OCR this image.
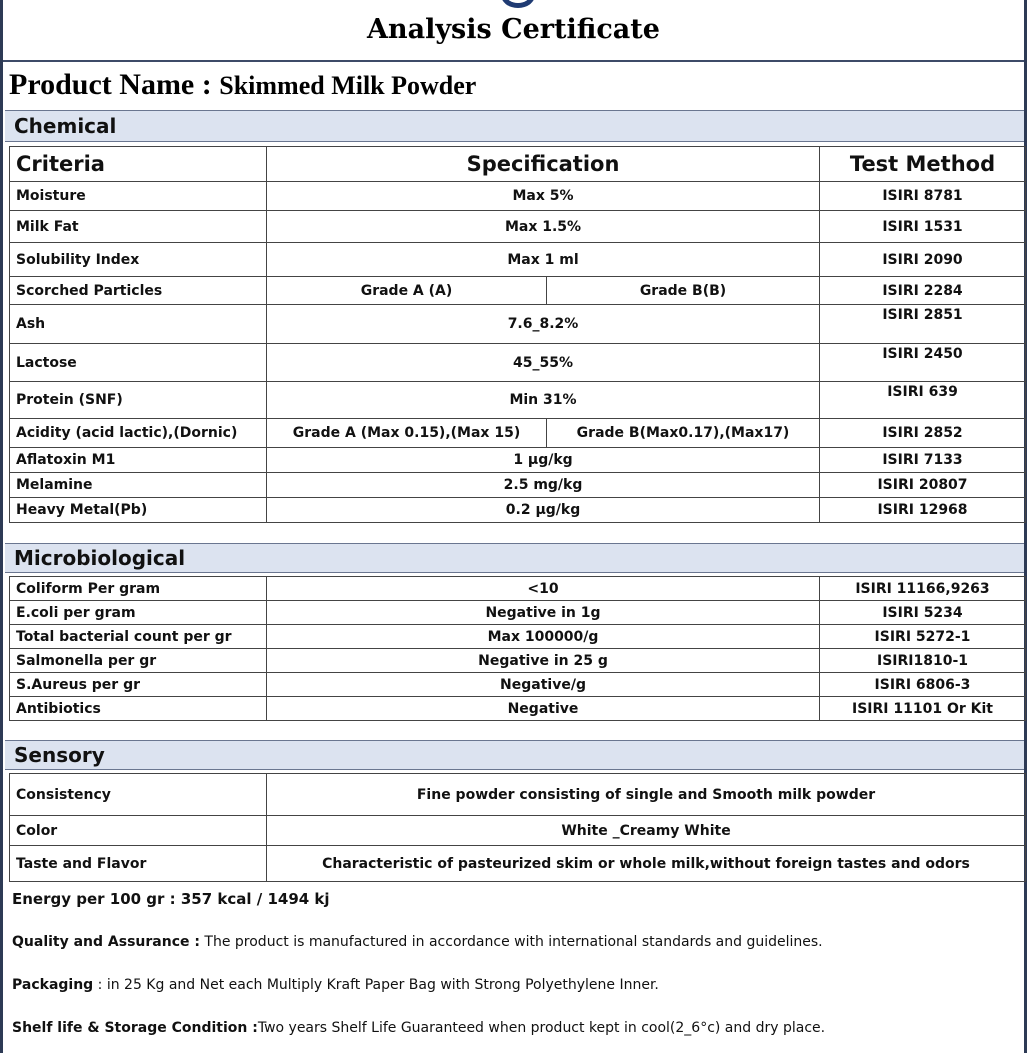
Analysis Certificate
Product Name : Skimmed Milk Powder
Chemical
Criteria	Specification		Test Method
Moisture	Max 5%		ISIRI 8781
Milk Fat	Max 1.5%		ISIRI 1531
Solubility Index	Max 1 ml		ISIRI 2090
Scorched Particles	Grade A (A)	Grade B(B)	ISIRI 2284
Ash	7.6_8.2%		ISIRI 2851
Lactose	45_55%		ISIRI 2450
Protein (SNF)	Min 31%		ISIRI 639
Acidity (acid lactic),(Dornic)	Grade A (Max 0.15),(Max 15)	Grade B(Max0.17),(Max17)	ISIRI 2852
Aflatoxin M1	1 µg/kg		ISIRI 7133
Melamine	2.5 mg/kg		ISIRI 20807
Heavy Metal(Pb)	0.2 µg/kg		ISIRI 12968
Microbiological
Coliform Per gram	<10	ISIRI 11166,9263
E.coli per gram	Negative in 1g	ISIRI 5234
Total bacterial count per gr	Max 100000/g	ISIRI 5272-1
Salmonella per gr	Negative in 25 g	ISIRI1810-1
S.Aureus per gr	Negative/g	ISIRI 6806-3
Antibiotics	Negative	ISIRI 11101 Or Kit
Sensory
Consistency	Fine powder consisting of single and Smooth milk powder
Color	White _Creamy White
Taste and Flavor	Characteristic of pasteurized skim or whole milk,without foreign tastes and odors
Energy per 100 gr : 357 kcal / 1494 kj
Quality and Assurance : The product is manufactured in accordance with international standards and guidelines.
Packaging : in 25 Kg and Net each Multiply Kraft Paper Bag with Strong Polyethylene Inner.
Shelf life & Storage Condition :Two years Shelf Life Guaranteed when product kept in cool(2_6°c) and dry place.
